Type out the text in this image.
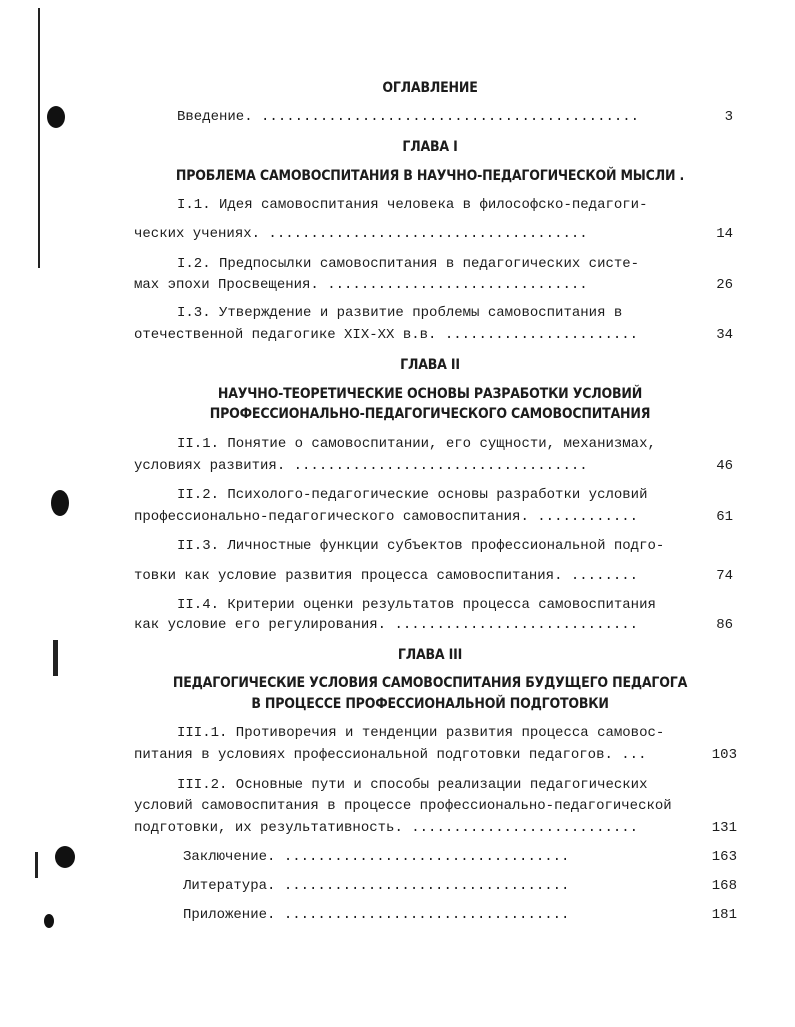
ОГЛАВЛЕНИЕ
Введение. .............................................	3
ГЛАВА I
ПРОБЛЕМА САМОВОСПИТАНИЯ В НАУЧНО-ПЕДАГОГИЧЕСКОЙ МЫСЛИ .
I.1. Идея самовоспитания человека в философско-педагоги-
ческих учениях. ......................................	14
I.2. Предпосылки самовоспитания в педагогических систе-
мах эпохи Просвещения. ...............................	26
I.3. Утверждение и развитие проблемы самовоспитания в
отечественной педагогике XIX-XX в.в. .......................	34
ГЛАВА II
НАУЧНО-ТЕОРЕТИЧЕСКИЕ ОСНОВЫ РАЗРАБОТКИ УСЛОВИЙ
ПРОФЕССИОНАЛЬНО-ПЕДАГОГИЧЕСКОГО САМОВОСПИТАНИЯ
II.1. Понятие о самовоспитании, его сущности, механизмах,
условиях развития. ...................................	46
II.2. Психолого-педагогические основы разработки условий
профессионально-педагогического самовоспитания. ............	61
II.3. Личностные функции субъектов профессиональной подго-
товки как условие развития процесса самовоспитания. ........	74
II.4. Критерии оценки результатов процесса самовоспитания
как условие его регулирования. .............................	86
ГЛАВА III
ПЕДАГОГИЧЕСКИЕ УСЛОВИЯ САМОВОСПИТАНИЯ БУДУЩЕГО ПЕДАГОГА
В ПРОЦЕССЕ ПРОФЕССИОНАЛЬНОЙ ПОДГОТОВКИ
III.1. Противоречия и тенденции развития процесса самовос-
питания в условиях профессиональной подготовки педагогов. ...	103
III.2. Основные пути и способы реализации педагогических
условий самовоспитания в процессе профессионально-педагогической
подготовки, их результативность. ...........................	131
Заключение. ..................................	163
Литература. ..................................	168
Приложение. ..................................	181
